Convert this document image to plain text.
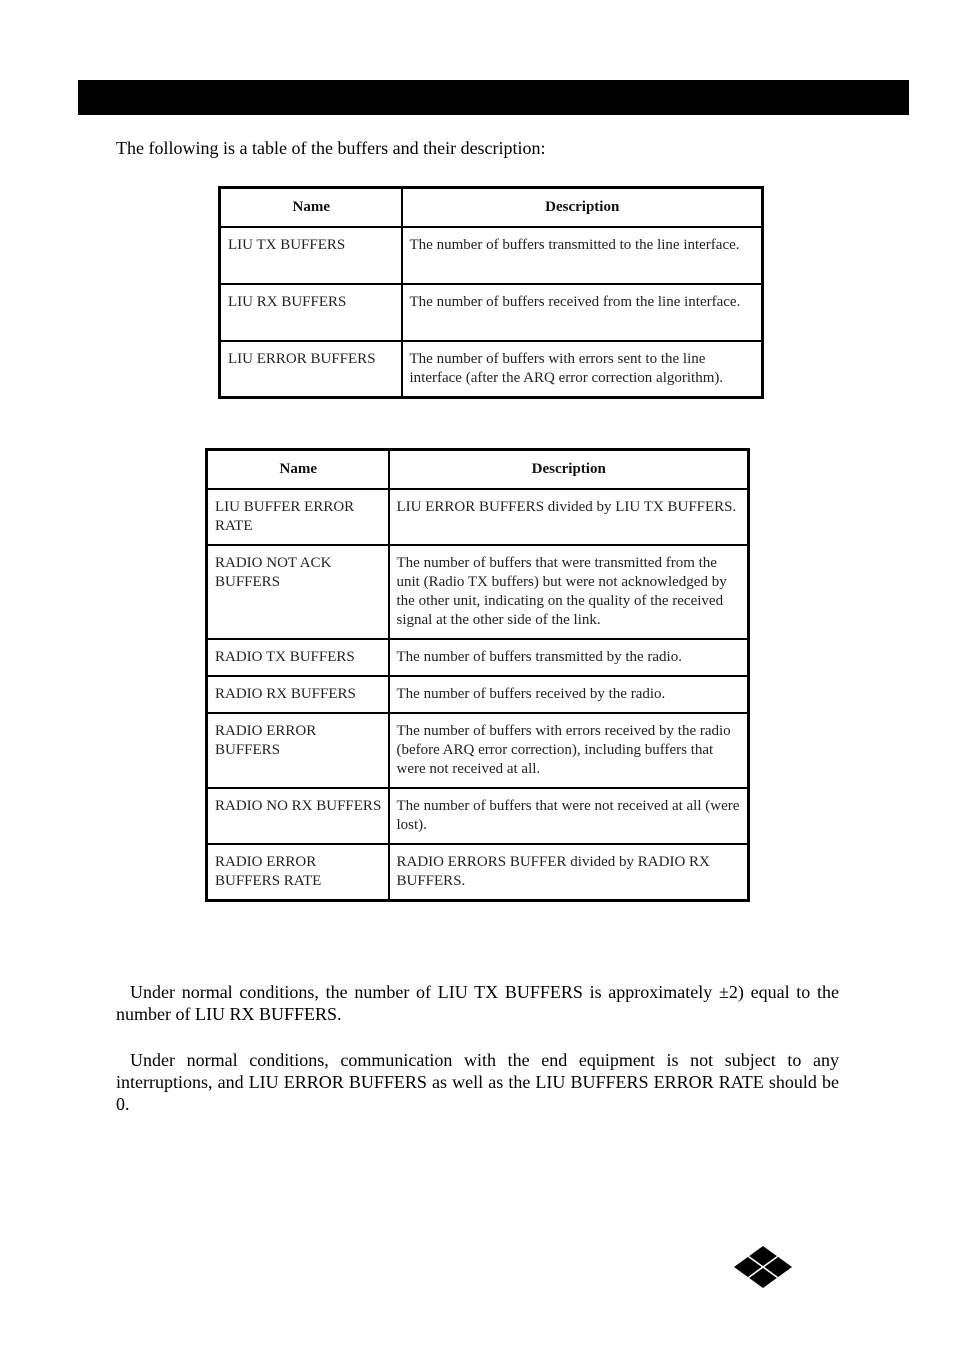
The following is a table of the buffers and their description:

Name	Description
LIU TX BUFFERS	The number of buffers transmitted to the line interface.
LIU RX BUFFERS	The number of buffers received from the line interface.
LIU ERROR BUFFERS	The number of buffers with errors sent to the line interface (after the ARQ error correction algorithm).
Name	Description
LIU BUFFER ERROR RATE	LIU ERROR BUFFERS divided by LIU TX BUFFERS.
RADIO NOT ACK BUFFERS	The number of buffers that were transmitted from the unit (Radio TX buffers) but were not acknowledged by the other unit, indicating on the quality of the received signal at the other side of the link.
RADIO TX BUFFERS	The number of buffers transmitted by the radio.
RADIO RX BUFFERS	The number of buffers received by the radio.
RADIO ERROR BUFFERS	The number of buffers with errors received by the radio (before ARQ error correction), including buffers that were not received at all.
RADIO NO RX BUFFERS	The number of buffers that were not received at all (were lost).
RADIO ERROR BUFFERS RATE	RADIO ERRORS BUFFER divided by RADIO RX BUFFERS.

Under normal conditions, the number of LIU TX BUFFERS is approximately ±2) equal to the number of LIU RX BUFFERS.

Under normal conditions, communication with the end equipment is not subject to any interruptions, and LIU ERROR BUFFERS as well as the LIU BUFFERS ERROR RATE should be 0.
